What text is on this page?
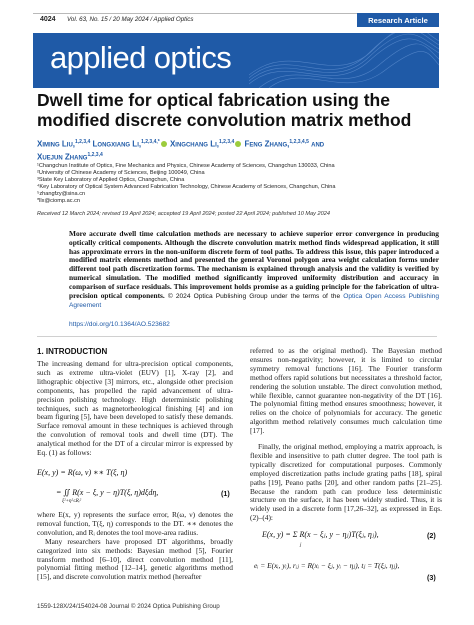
4024 Vol. 63, No. 15 / 20 May 2024 / Applied Optics	Research Article
applied optics
Dwell time for optical fabrication using the modified discrete convolution matrix method
Ximing Liu,$^{1,2,3,4}$ Longxiang Li,$^{1,2,3,4,*}$ Xingchang Li,$^{1,2,3,4}$ Feng Zhang,$^{1,2,3,4,5}$ and
Xuejun Zhang$^{1,2,3,4}$
¹Changchun Institute of Optics, Fine Mechanics and Physics, Chinese Academy of Sciences, Changchun 130033, China
²University of Chinese Academy of Sciences, Beijing 100049, China
³State Key Laboratory of Applied Optics, Changchun, China
⁴Key Laboratory of Optical System Advanced Fabrication Technology, Chinese Academy of Sciences, Changchun, China
⁵zhangfzy@sina.cn
*llx@ciomp.ac.cn
Received 12 March 2024; revised 19 April 2024; accepted 19 April 2024; posted 22 April 2024; published 10 May 2024
More accurate dwell time calculation methods are necessary to achieve superior error convergence in producing optically critical components. Although the discrete convolution matrix method finds widespread application, it still has approximate errors in the non-uniform discrete form of tool paths. To address this issue, this paper introduced a modified matrix elements method and presented the general Voronoi polygon area weight calculation forms under different tool path discretization forms. The mechanism is explained through analysis and the validity is verified by numerical simulation. The modified method significantly improved uniformity distribution and accuracy in comparison of surface residuals. This improvement holds promise as a guiding principle for the fabrication of ultra-precision optical components. © 2024 Optica Publishing Group under the terms of the Optica Open Access Publishing Agreement
https://doi.org/10.1364/AO.523682
1. INTRODUCTION

The increasing demand for ultra-precision optical components, such as extreme ultra-violet (EUV) [1], X-ray [2], and lithographic objective [3] mirrors, etc., alongside other precision components, has propelled the rapid advancement of ultra-precision polishing technology. High deterministic polishing techniques, such as magnetorheological finishing [4] and ion beam figuring [5], have been developed to satisfy these demands. Surface removal amount in these techniques is achieved through the convolution of removal tools and dwell time (DT). The analytical method for the DT of a circular mirror is expressed by Eq. (1) as follows:

E(x, y) = R(ω, ν) ∗∗ T(ξ, η)
= ∬ R(x − ξ, y − η)T(ξ, η)dξdη,
ξ²+η²≤Rᵢ²
(1)

where E(x, y) represents the surface error, R(ω, ν) denotes the removal function, T(ξ, η) corresponds to the DT. ∗∗ denotes the convolution, and Rᵢ denotes the tool move-area radius.

Many researchers have proposed DT algorithms, broadly categorized into six methods: Bayesian method [5], Fourier transform method [6–10], direct convolution method [11], polynomial fitting method [12–14], genetic algorithms method [15], and discrete convolution matrix method (hereafter

referred to as the original method). The Bayesian method ensures non-negativity; however, it is limited to circular symmetry removal functions [16]. The Fourier transform method offers rapid solutions but necessitates a threshold factor, rendering the solution unstable. The direct convolution method, while flexible, cannot guarantee non-negativity of the DT [16]. The polynomial fitting method ensures smoothness; however, it relies on the choice of polynomials for accuracy. The genetic algorithm method relatively consumes much calculation time [17].

Finally, the original method, employing a matrix approach, is flexible and insensitive to path clutter degree. The tool path is typically discretized for computational purposes. Commonly employed discretization paths include grating paths [18], spiral paths [19], Peano paths [20], and other random paths [21–25]. Because the random path can produce less deterministic structure on the surface, it has been widely studied. Thus, it is widely used in a discrete form [17,26–32], as expressed in Eqs. (2)–(4):

E(x, y) = Σ R(x − ξⱼ, y − ηⱼ)T(ξⱼ, ηⱼ),
j
(2)
eᵢ = E(xᵢ, yᵢ), rᵢⱼ = R(xᵢ − ξⱼ, yᵢ − ηⱼ), tⱼ = T(ξⱼ, ηⱼ),
(3)
1559-128X/24/154024-08 Journal © 2024 Optica Publishing Group
